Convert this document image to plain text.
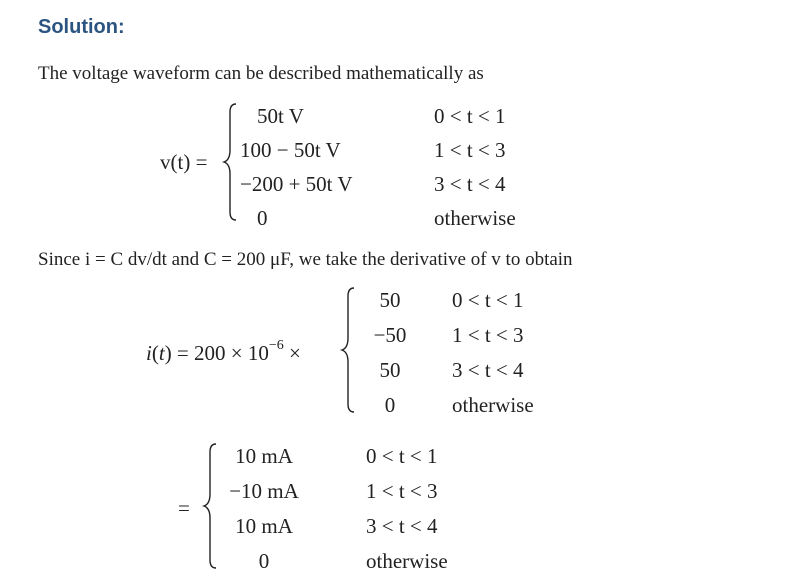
Solution:
The voltage waveform can be described mathematically as
v(t) =
50t V	0 < t < 1
100 − 50t V	1 < t < 3
−200 + 50t V	3 < t < 4
0	otherwise
Since i = C dv/dt and C = 200 μF, we take the derivative of v to obtain
$i(t) = 200 \times 10^{-6}$ ×
50	0 < t < 1
−50	1 < t < 3
50	3 < t < 4
0	otherwise
=
10 mA	0 < t < 1
−10 mA	1 < t < 3
10 mA	3 < t < 4
0	otherwise
